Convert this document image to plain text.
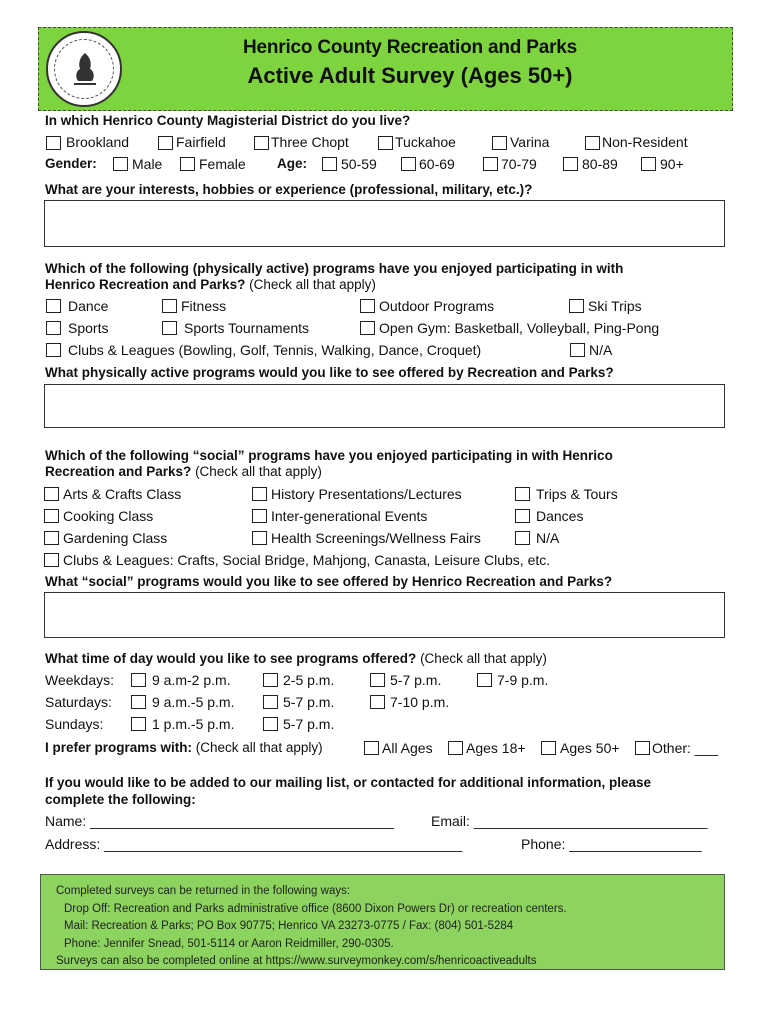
Henrico County Recreation and Parks
Active Adult Survey (Ages 50+)
In which Henrico County Magisterial District do you live?
Brookland	Fairfield	Three Chopt	Tuckahoe	Varina	Non-Resident
Gender:	Male	Female Age: 50-59	60-69	70-79	80-89	90+
What are your interests, hobbies or experience (professional, military, etc.)?
Which of the following (physically active) programs have you enjoyed participating in with
Henrico Recreation and Parks? (Check all that apply)
Dance	Fitness	Outdoor Programs	Ski Trips
Sports	Sports Tournaments	Open Gym: Basketball, Volleyball, Ping-Pong
Clubs & Leagues (Bowling, Golf, Tennis, Walking, Dance, Croquet)	N/A
What physically active programs would you like to see offered by Recreation and Parks?
Which of the following “social” programs have you enjoyed participating in with Henrico
Recreation and Parks? (Check all that apply)
Arts & Crafts Class	History Presentations/Lectures	Trips & Tours
Cooking Class	Inter-generational Events	Dances
Gardening Class	Health Screenings/Wellness Fairs	N/A
Clubs & Leagues: Crafts, Social Bridge, Mahjong, Canasta, Leisure Clubs, etc.
What “social” programs would you like to see offered by Henrico Recreation and Parks?
What time of day would you like to see programs offered? (Check all that apply)
Weekdays:	9 a.m-2 p.m.	2-5 p.m.	5-7 p.m.	7-9 p.m.
Saturdays:	9 a.m.-5 p.m.	5-7 p.m.	7-10 p.m.
Sundays:	1 p.m.-5 p.m.	5-7 p.m.
I prefer programs with: (Check all that apply)	All Ages Ages 18+ Ages 50+ Other: ___
If you would like to be added to our mailing list, or contacted for additional information, please
complete the following:
Name: _______________________________________	Email: ______________________________
Address: ______________________________________________	Phone: _________________
Completed surveys can be returned in the following ways:
Drop Off: Recreation and Parks administrative office (8600 Dixon Powers Dr) or recreation centers.
Mail: Recreation & Parks; PO Box 90775; Henrico VA 23273-0775 / Fax: (804) 501-5284
Phone: Jennifer Snead, 501-5114 or Aaron Reidmiller, 290-0305.
Surveys can also be completed online at https://www.surveymonkey.com/s/henricoactiveadults
